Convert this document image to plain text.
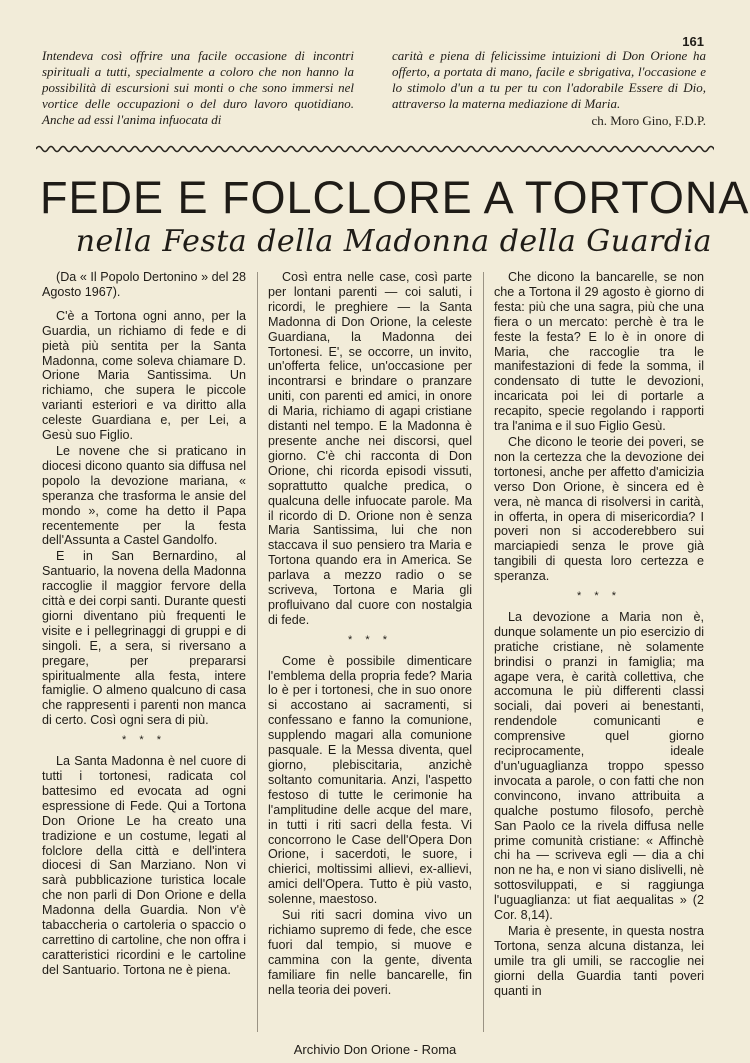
161
Intendeva così offrire una facile occasione di incontri spirituali a tutti, specialmente a coloro che non hanno la possibilità di escursioni sui monti o che sono immersi nel vortice delle occupazioni o del duro lavoro quotidiano. Anche ad essi l'anima infuocata di
carità e piena di felicissime intuizioni di Don Orione ha offerto, a portata di mano, facile e sbrigativa, l'occasione e lo stimolo d'un a tu per tu con l'adorabile Essere di Dio, attraverso la materna mediazione di Maria.
ch. Moro Gino, F.D.P.
FEDE E FOLCLORE A TORTONA
nella Festa della Madonna della Guardia

(Da « Il Popolo Dertonino » del 28 Agosto 1967).

C'è a Tortona ogni anno, per la Guardia, un richiamo di fede e di pietà più sentita per la Santa Madonna, come soleva chiamare D. Orione Maria Santissima. Un richiamo, che supera le piccole varianti esteriori e va diritto alla celeste Guardiana e, per Lei, a Gesù suo Figlio.

Le novene che si praticano in diocesi dicono quanto sia diffusa nel popolo la devozione mariana, « speranza che trasforma le ansie del mondo », come ha detto il Papa recentemente per la festa dell'Assunta a Castel Gandolfo.

E in San Bernardino, al Santuario, la novena della Madonna raccoglie il maggior fervore della città e dei corpi santi. Durante questi giorni diventano più frequenti le visite e i pellegrinaggi di gruppi e di singoli. E, a sera, si riversano a pregare, per prepararsi spiritualmente alla festa, intere famiglie. O almeno qualcuno di casa che rappresenti i parenti non manca di certo. Così ogni sera di più.

* * *

La Santa Madonna è nel cuore di tutti i tortonesi, radicata col battesimo ed evocata ad ogni espressione di Fede. Qui a Tortona Don Orione Le ha creato una tradizione e un costume, legati al folclore della città e dell'intera diocesi di San Marziano. Non vi sarà pubblicazione turistica locale che non parli di Don Orione e della Madonna della Guardia. Non v'è tabaccheria o cartoleria o spaccio o carrettino di cartoline, che non offra i caratteristici ricordini e le cartoline del Santuario. Tortona ne è piena.

Così entra nelle case, così parte per lontani parenti — coi saluti, i ricordi, le preghiere — la Santa Madonna di Don Orione, la celeste Guardiana, la Madonna dei Tortonesi. E', se occorre, un invito, un'offerta felice, un'occasione per incontrarsi e brindare o pranzare uniti, con parenti ed amici, in onore di Maria, richiamo di agapi cristiane distanti nel tempo. E la Madonna è presente anche nei discorsi, quel giorno. C'è chi racconta di Don Orione, chi ricorda episodi vissuti, soprattutto qualche predica, o qualcuna delle infuocate parole. Ma il ricordo di D. Orione non è senza Maria Santissima, lui che non staccava il suo pensiero tra Maria e Tortona quando era in America. Se parlava a mezzo radio o se scriveva, Tortona e Maria gli profluivano dal cuore con nostalgia di fede.

* * *

Come è possibile dimenticare l'emblema della propria fede? Maria lo è per i tortonesi, che in suo onore si accostano ai sacramenti, si confessano e fanno la comunione, supplendo magari alla comunione pasquale. E la Messa diventa, quel giorno, plebiscitaria, anzichè soltanto comunitaria. Anzi, l'aspetto festoso di tutte le cerimonie ha l'amplitudine delle acque del mare, in tutti i riti sacri della festa. Vi concorrono le Case dell'Opera Don Orione, i sacerdoti, le suore, i chierici, moltissimi allievi, ex-allievi, amici dell'Opera. Tutto è più vasto, solenne, maestoso.

Sui riti sacri domina vivo un richiamo supremo di fede, che esce fuori dal tempio, si muove e cammina con la gente, diventa familiare fin nelle bancarelle, fin nella teoria dei poveri.

Che dicono la bancarelle, se non che a Tortona il 29 agosto è giorno di festa: più che una sagra, più che una fiera o un mercato: perchè è tra le feste la festa? E lo è in onore di Maria, che raccoglie tra le manifestazioni di fede la somma, il condensato di tutte le devozioni, incaricata poi lei di portarle a recapito, specie regolando i rapporti tra l'anima e il suo Figlio Gesù.

Che dicono le teorie dei poveri, se non la certezza che la devozione dei tortonesi, anche per affetto d'amicizia verso Don Orione, è sincera ed è vera, nè manca di risolversi in carità, in offerta, in opera di misericordia? I poveri non si accoderebbero sui marciapiedi senza le prove già tangibili di questa loro certezza e speranza.

* * *

La devozione a Maria non è, dunque solamente un pio esercizio di pratiche cristiane, nè solamente brindisi o pranzi in famiglia; ma agape vera, è carità collettiva, che accomuna le più differenti classi sociali, dai poveri ai benestanti, rendendole comunicanti e comprensive quel giorno reciprocamente, ideale d'un'uguaglianza troppo spesso invocata a parole, o con fatti che non convincono, invano attribuita a qualche postumo filosofo, perchè San Paolo ce la rivela diffusa nelle prime comunità cristiane: « Affinchè chi ha — scriveva egli — dia a chi non ne ha, e non vi siano dislivelli, nè sottosviluppati, e si raggiunga l'uguaglianza: ut fiat aequalitas » (2 Cor. 8,14).

Maria è presente, in questa nostra Tortona, senza alcuna distanza, lei umile tra gli umili, se raccoglie nei giorni della Guardia tanti poveri quanti in

Archivio Don Orione - Roma
